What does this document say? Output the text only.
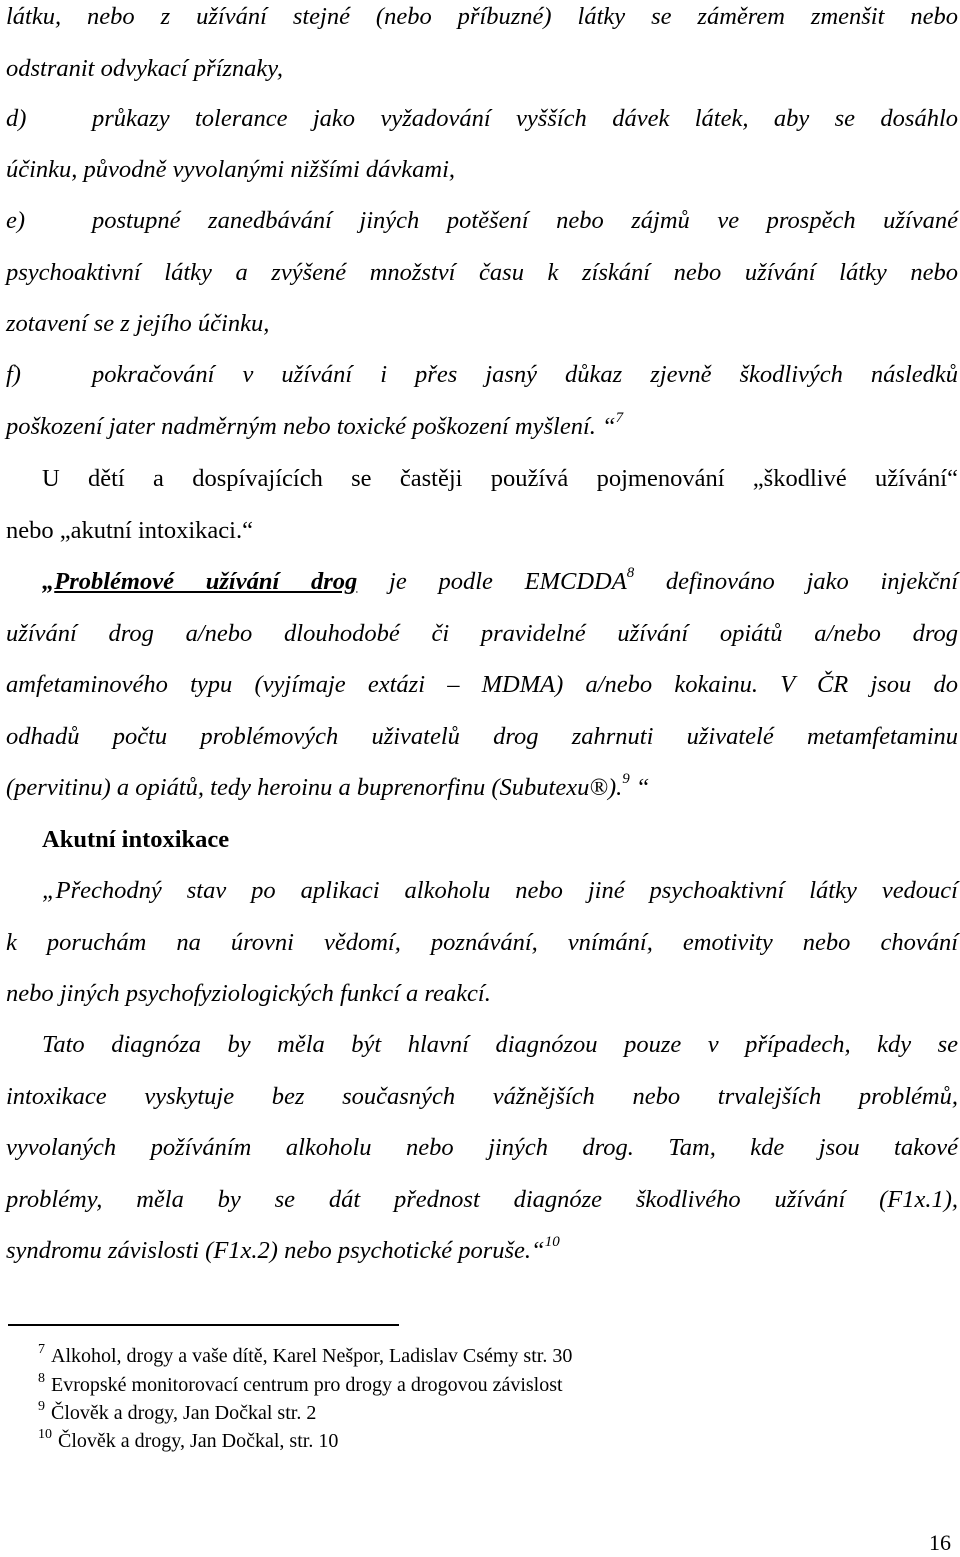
látku, nebo z užívání stejné (nebo příbuzné) látky se záměrem zmenšit nebo
odstranit odvykací příznaky,
d)	průkazy tolerance jako vyžadování vyšších dávek látek, aby se dosáhlo
účinku, původně vyvolanými nižšími dávkami,
e)	postupné zanedbávání jiných potěšení nebo zájmů ve prospěch užívané
psychoaktivní látky a zvýšené množství času k získání nebo užívání látky nebo
zotavení se z jejího účinku,
f)	pokračování v užívání i přes jasný důkaz zjevně škodlivých následků
poškození jater nadměrným nebo toxické poškození myšlení. “$^7$
U dětí a dospívajících se častěji používá pojmenování „škodlivé užívání“
nebo „akutní intoxikaci.“
„Problémové užívání drog je podle EMCDDA$^8$ definováno jako injekční
užívání drog a/nebo dlouhodobé či pravidelné užívání opiátů a/nebo drog
amfetaminového typu (vyjímaje extázi – MDMA) a/nebo kokainu. V ČR jsou do
odhadů počtu problémových uživatelů drog zahrnuti uživatelé metamfetaminu
(pervitinu) a opiátů, tedy heroinu a buprenorfinu (Subutexu®).$^9$ “
Akutní intoxikace
„Přechodný stav po aplikaci alkoholu nebo jiné psychoaktivní látky vedoucí
k poruchám na úrovni vědomí, poznávání, vnímání, emotivity nebo chování
nebo jiných psychofyziologických funkcí a reakcí.
Tato diagnóza by měla být hlavní diagnózou pouze v případech, kdy se
intoxikace vyskytuje bez současných vážnějších nebo trvalejších problémů,
vyvolaných požíváním alkoholu nebo jiných drog. Tam, kde jsou takové
problémy, měla by se dát přednost diagnóze škodlivého užívání (F1x.1),
syndromu závislosti (F1x.2) nebo psychotické poruše.“$^{10}$
$^7$ Alkohol, drogy a vaše dítě, Karel Nešpor, Ladislav Csémy str. 30
$^8$ Evropské monitorovací centrum pro drogy a drogovou závislost
$^9$ Člověk a drogy, Jan Dočkal str. 2
$^{10}$ Člověk a drogy, Jan Dočkal, str. 10
16
